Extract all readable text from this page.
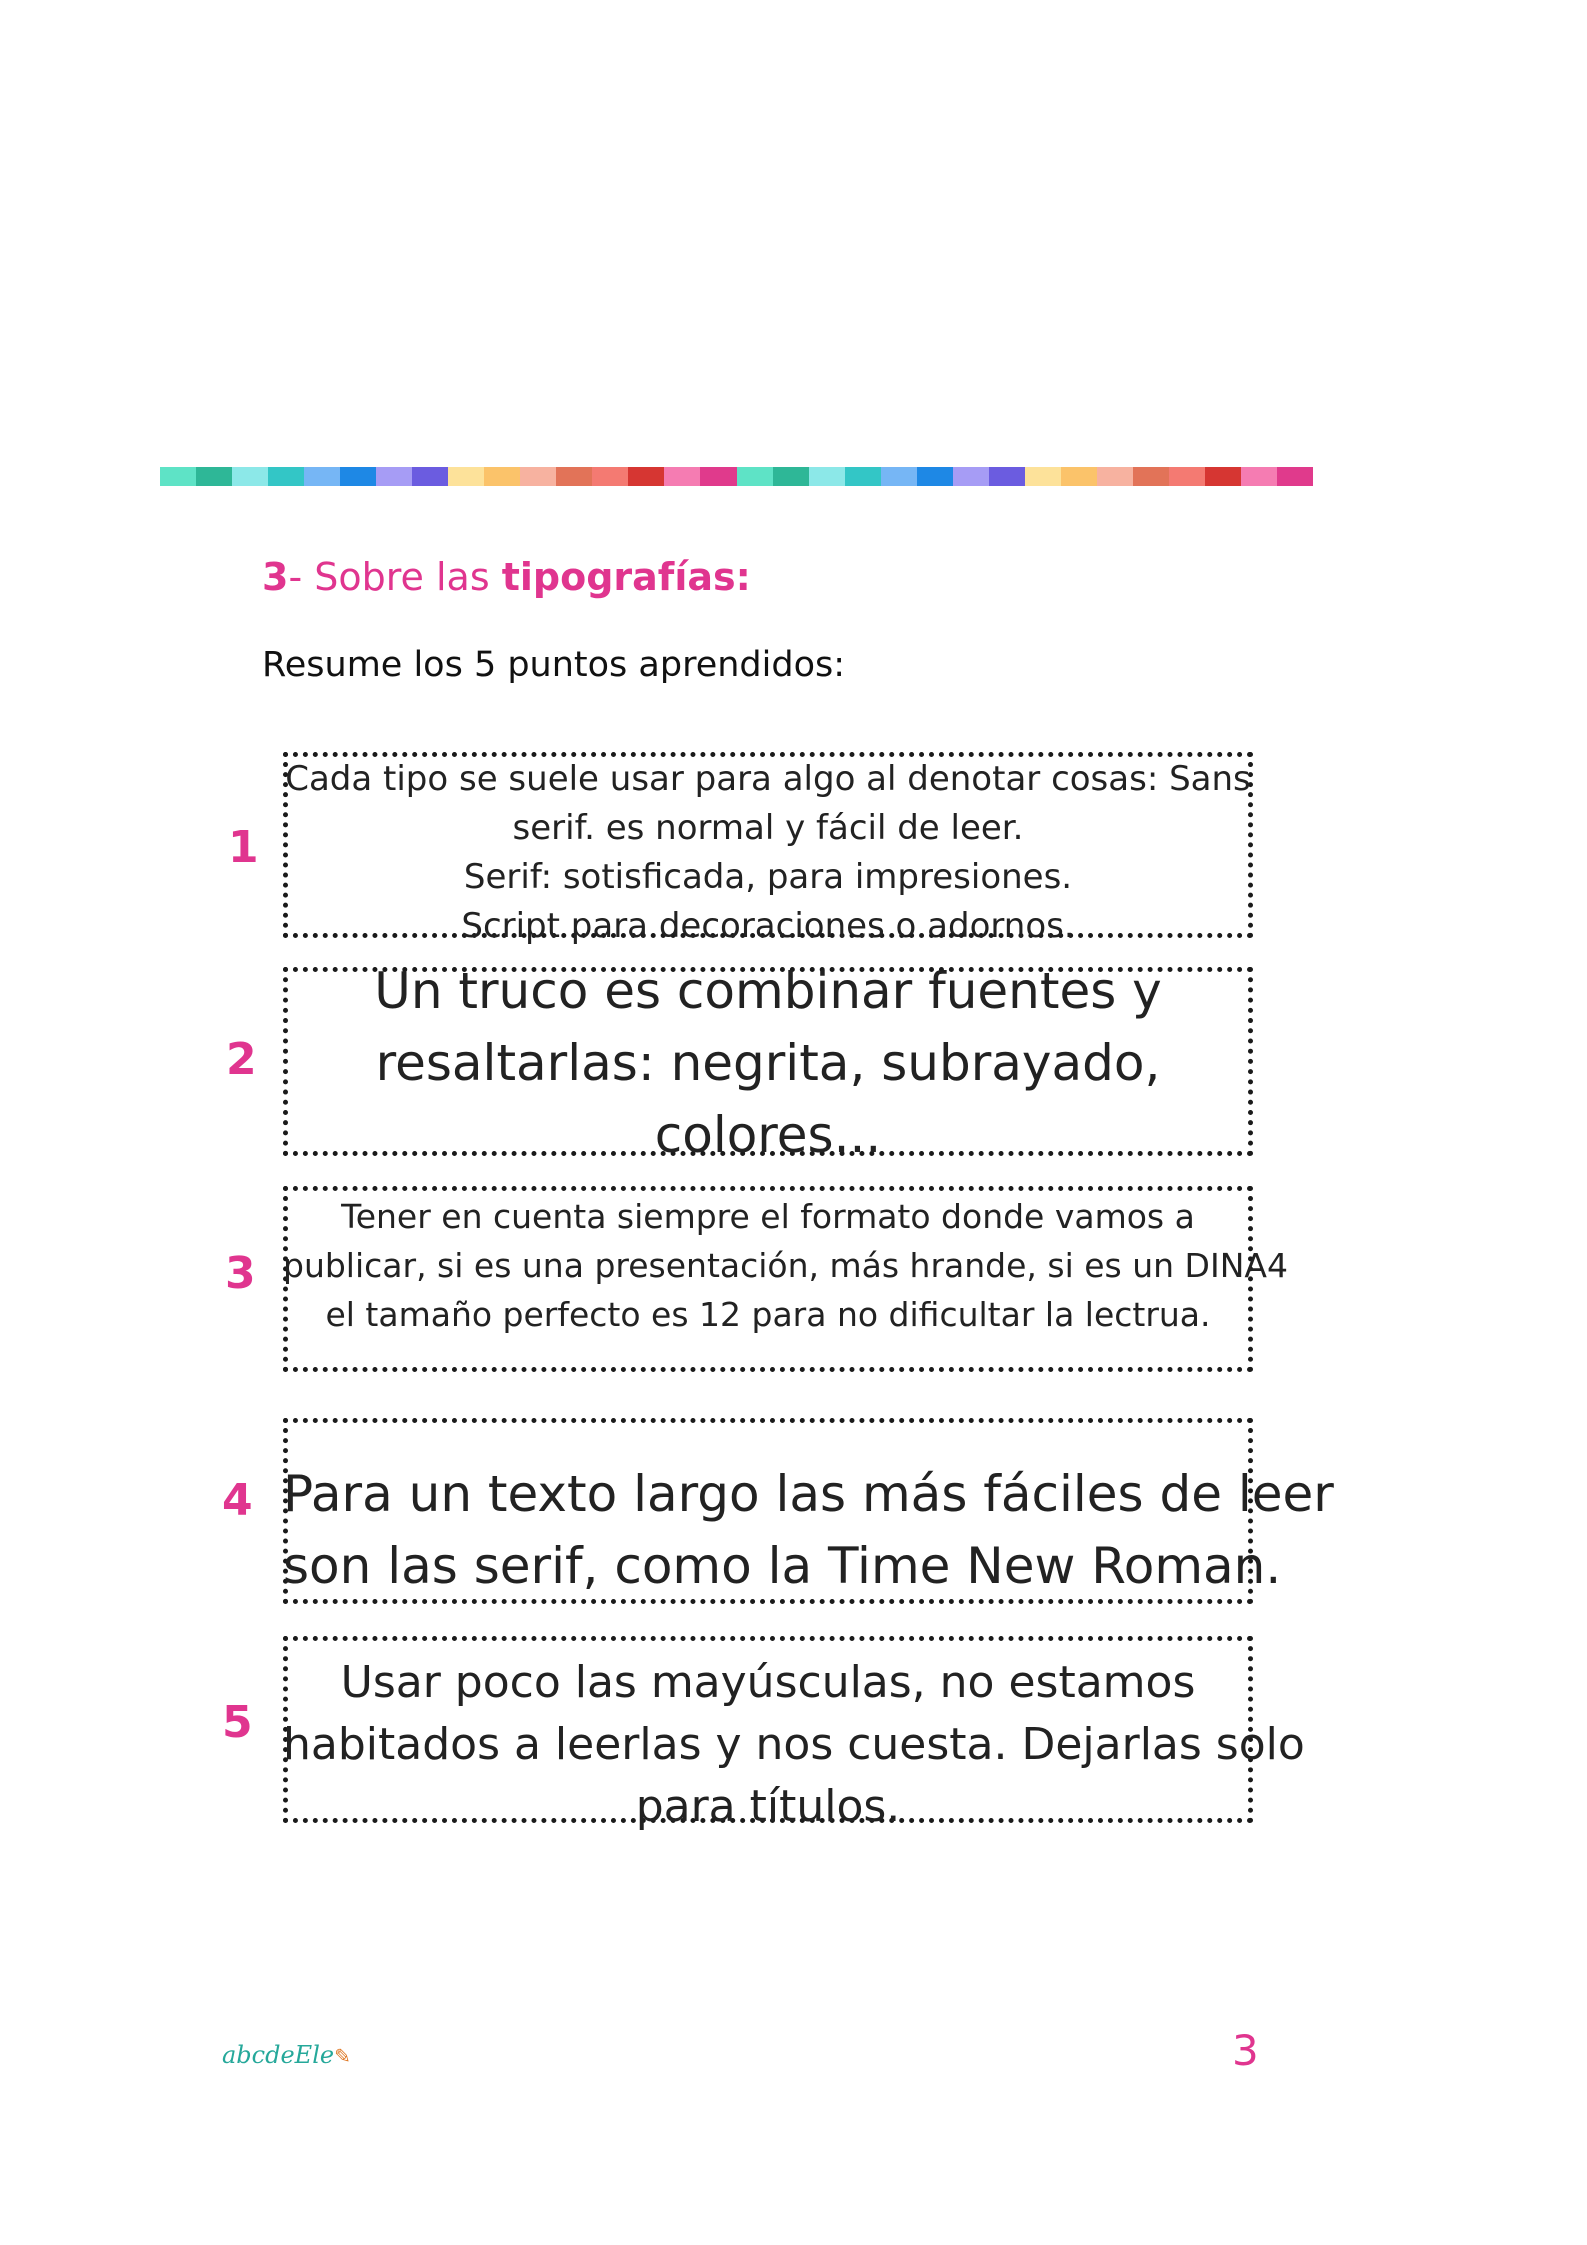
3- Sobre las tipografías:
Resume los 5 puntos aprendidos:
1
Cada tipo se suele usar para algo al denotar cosas: Sans
serif. es normal y fácil de leer.
Serif: sotisficada, para impresiones.
Script para decoraciones o adornos.
2
Un truco es combinar fuentes y
resaltarlas: negrita, subrayado,
colores...
3
Tener en cuenta siempre el formato donde vamos a
publicar, si es una presentación, más hrande, si es un DINA4
el tamaño perfecto es 12 para no dificultar la lectrua.
4 Para un texto largo las más fáciles de leer
son las serif, como la Time New Roman.
5
Usar poco las mayúsculas, no estamos
habitados a leerlas y nos cuesta. Dejarlas solo
para títulos.
abcdeEle✎	3
